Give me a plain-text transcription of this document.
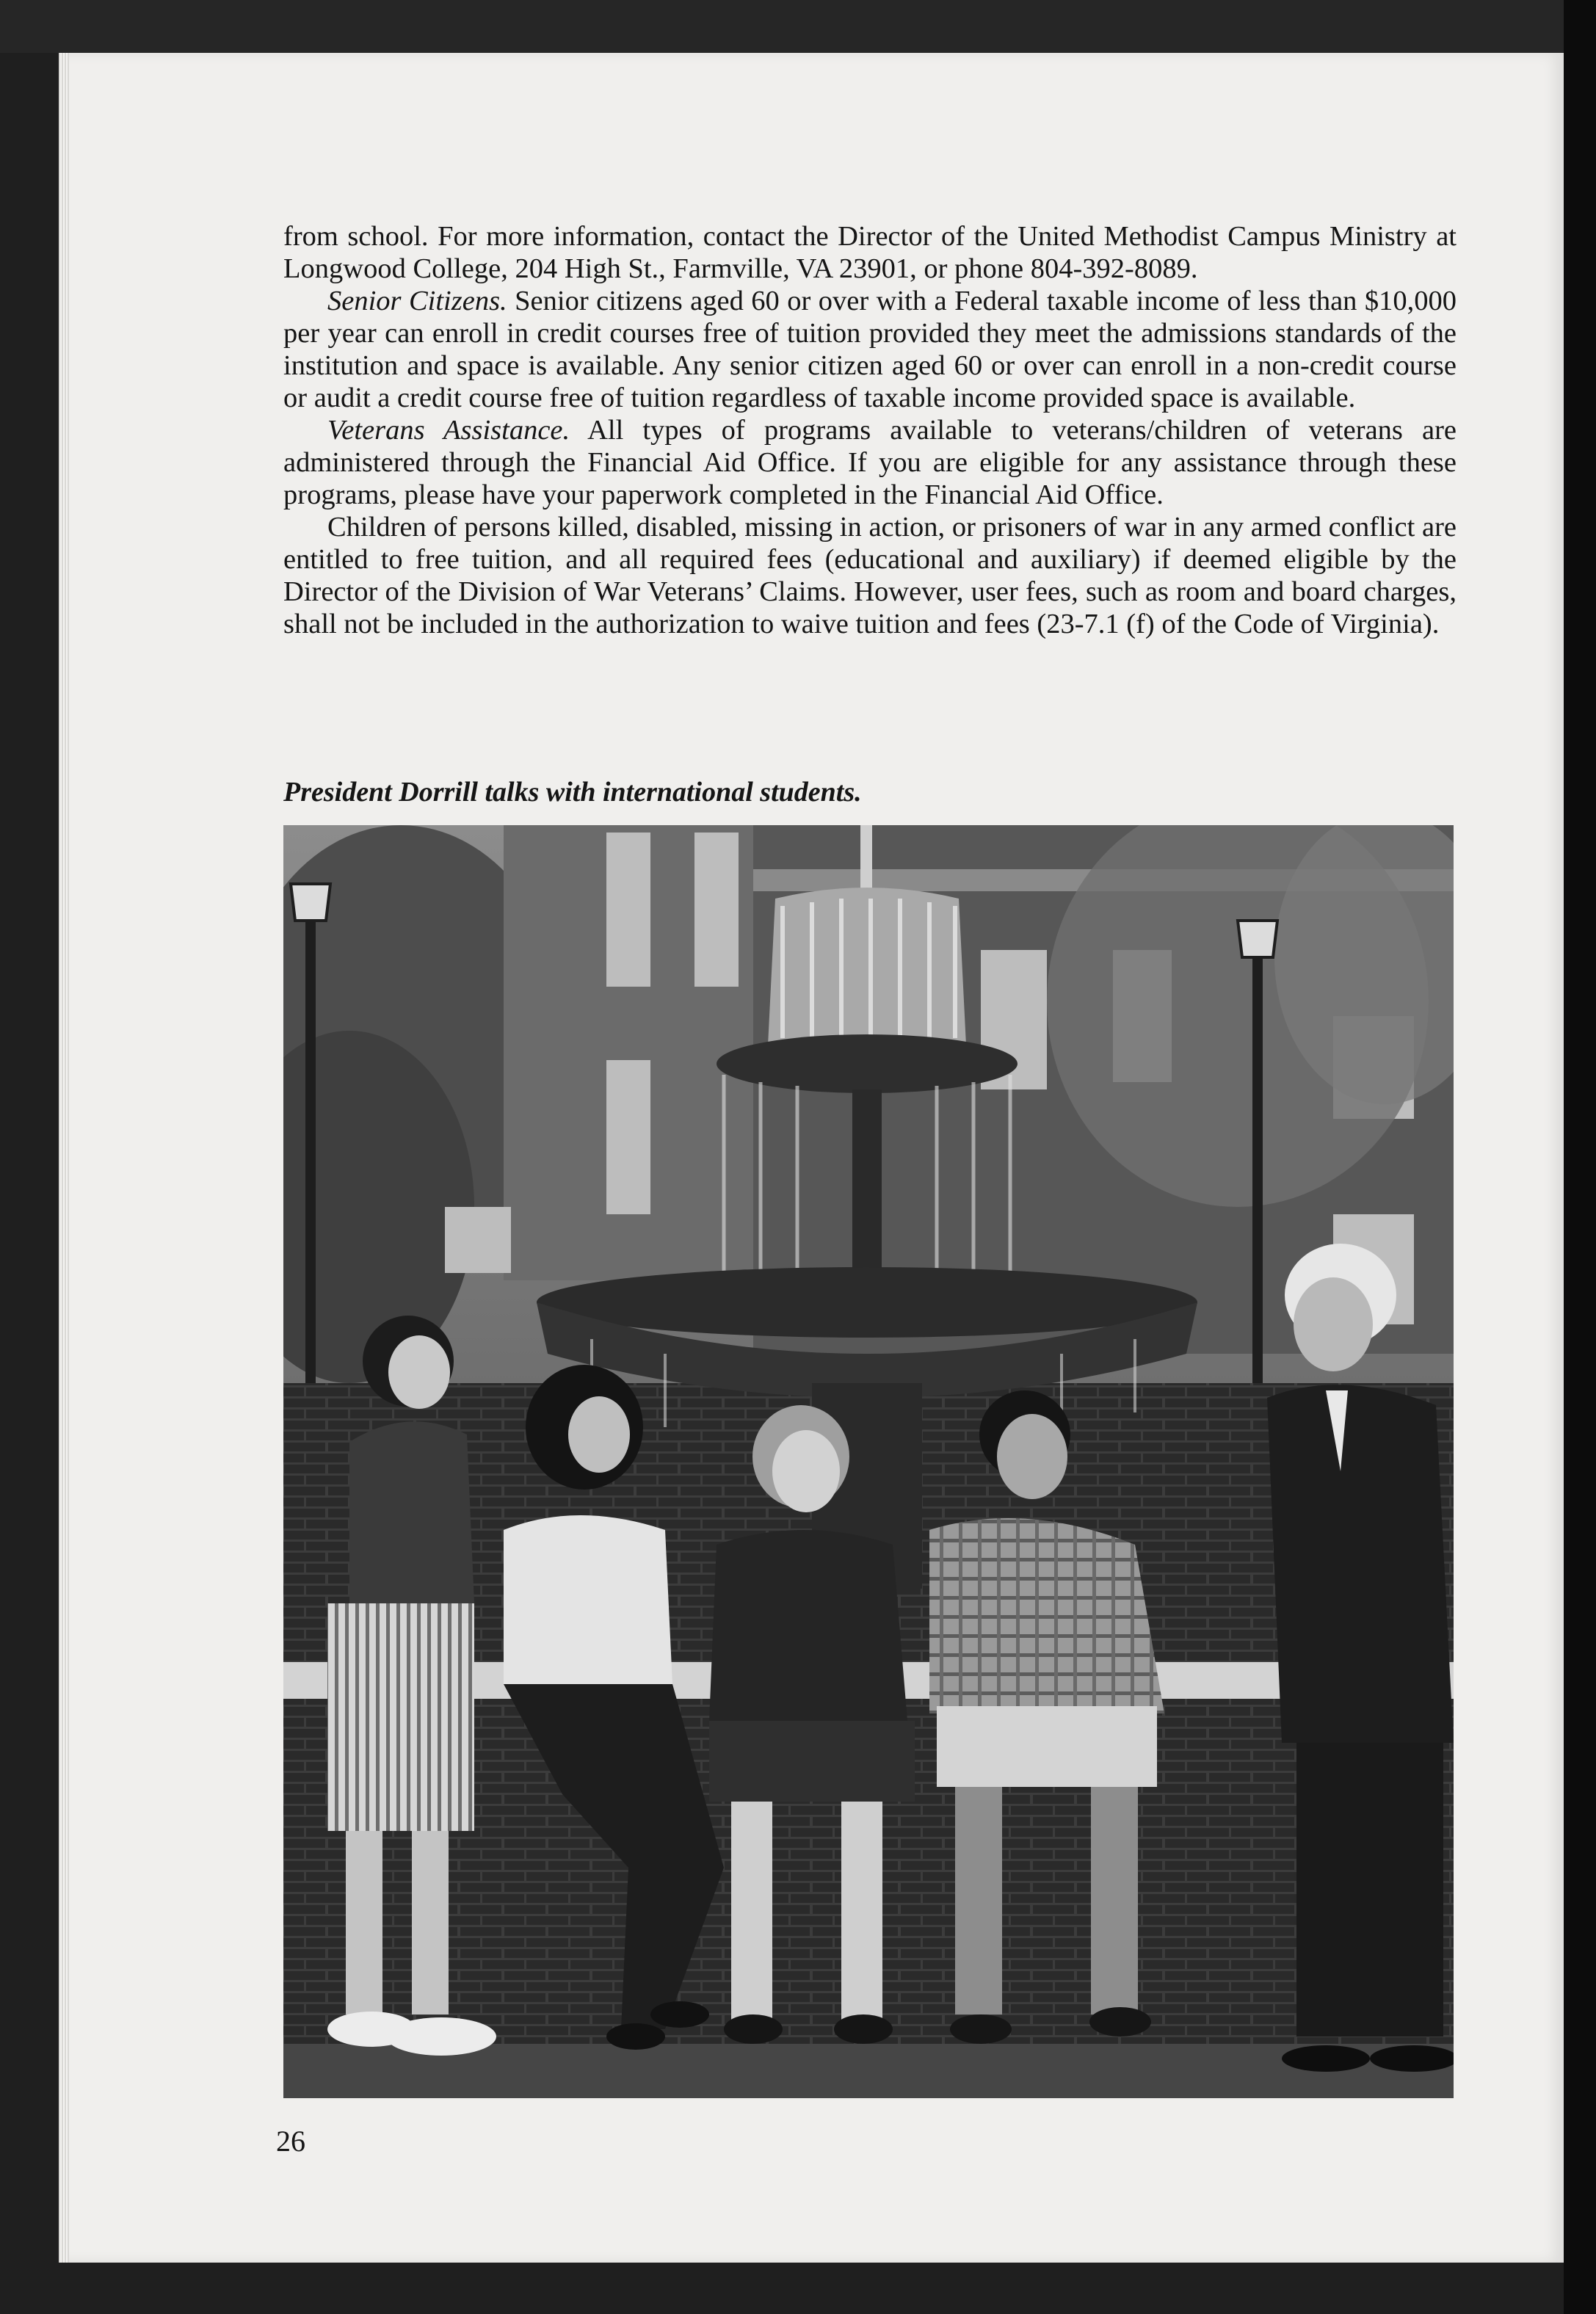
from school. For more information, contact the Director of the United Methodist Campus Ministry at Longwood College, 204 High St., Farmville, VA 23901, or phone 804-392-8089.

Senior Citizens. Senior citizens aged 60 or over with a Federal taxable income of less than $10,000 per year can enroll in credit courses free of tuition provided they meet the admissions standards of the institution and space is available. Any senior citizen aged 60 or over can enroll in a non-credit course or audit a credit course free of tuition regardless of taxable income provided space is available.

Veterans Assistance. All types of programs available to veterans/children of veterans are administered through the Financial Aid Office. If you are eligible for any assistance through these programs, please have your paperwork completed in the Financial Aid Office.

Children of persons killed, disabled, missing in action, or prisoners of war in any armed conflict are entitled to free tuition, and all required fees (educational and auxiliary) if deemed eligible by the Director of the Division of War Veterans’ Claims. However, user fees, such as room and board charges, shall not be included in the authorization to waive tuition and fees (23-7.1 (f) of the Code of Virginia).

President Dorrill talks with international students.
26
